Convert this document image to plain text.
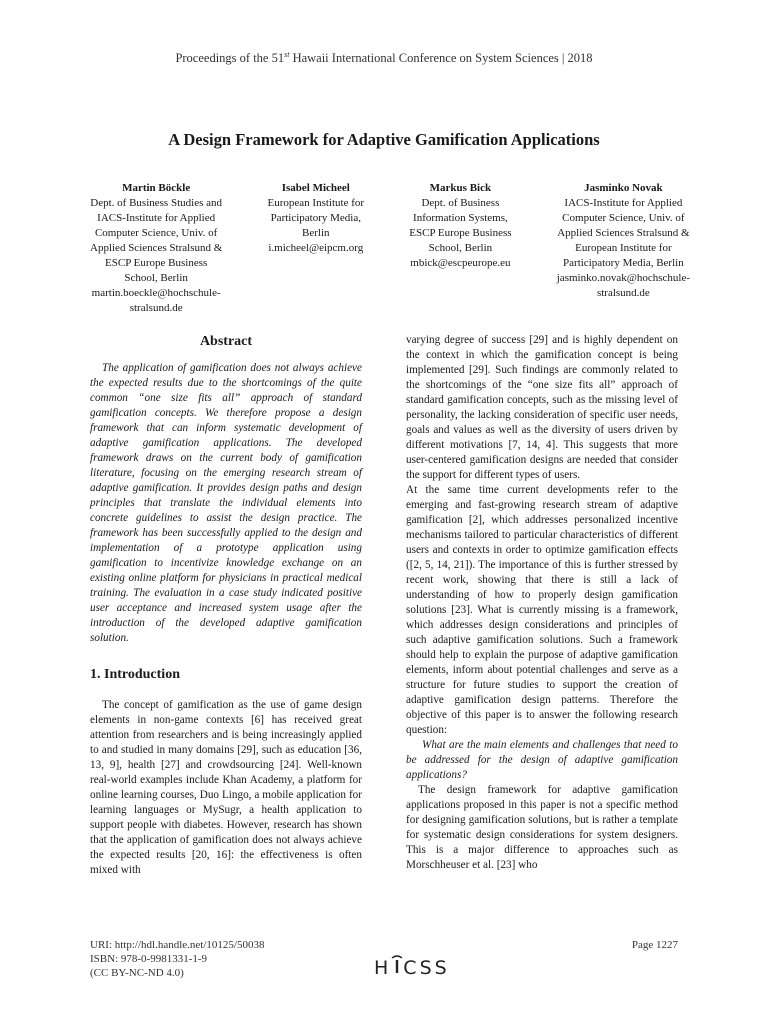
Proceedings of the 51st Hawaii International Conference on System Sciences | 2018
A Design Framework for Adaptive Gamification Applications
Martin Böckle
Dept. of Business Studies and
IACS-Institute for Applied
Computer Science, Univ. of
Applied Sciences Stralsund &
ESCP Europe Business
School, Berlin
martin.boeckle@hochschule-
stralsund.de
Isabel Micheel
European Institute for
Participatory Media,
Berlin
i.micheel@eipcm.org
Markus Bick
Dept. of Business
Information Systems,
ESCP Europe Business
School, Berlin
mbick@escpeurope.eu
Jasminko Novak
IACS-Institute for Applied
Computer Science, Univ. of
Applied Sciences Stralsund &
European Institute for
Participatory Media, Berlin
jasminko.novak@hochschule-
stralsund.de
Abstract

The application of gamification does not always achieve the expected results due to the shortcomings of the quite common “one size fits all” approach of standard gamification concepts. We therefore propose a design framework that can inform systematic development of adaptive gamification applications. The developed framework draws on the current body of gamification literature, focusing on the emerging research stream of adaptive gamification. It provides design paths and design principles that translate the individual elements into concrete guidelines to assist the design practice. The framework has been successfully applied to the design and implementation of a prototype application using gamification to incentivize knowledge exchange on an existing online platform for physicians in practical medical training. The evaluation in a case study indicated positive user acceptance and increased system usage after the introduction of the developed adaptive gamification solution.

1. Introduction

The concept of gamification as the use of game design elements in non-game contexts [6] has received great attention from researchers and is being increasingly applied to and studied in many domains [29], such as education [36, 13, 9], health [27] and crowdsourcing [24]. Well-known real-world examples include Khan Academy, a platform for online learning courses, Duo Lingo, a mobile application for learning languages or MySugr, a health application to support people with diabetes. However, research has shown that the application of gamification does not always achieve the expected results [20, 16]: the effectiveness is often mixed with

varying degree of success [29] and is highly dependent on the context in which the gamification concept is being implemented [29]. Such findings are commonly related to the shortcomings of the “one size fits all” approach of standard gamification concepts, such as the missing level of personality, the lacking consideration of specific user needs, goals and values as well as the diversity of users driven by different motivations [7, 14, 4]. This suggests that more user-centered gamification designs are needed that consider the support for different types of users.

At the same time current developments refer to the emerging and fast-growing research stream of adaptive gamification [2], which addresses personalized incentive mechanisms tailored to particular characteristics of different users and contexts in order to optimize gamification effects ([2, 5, 14, 21]). The importance of this is further stressed by recent work, showing that there is still a lack of understanding of how to properly design gamification solutions [23]. What is currently missing is a framework, which addresses design considerations and principles of such adaptive gamification solutions. Such a framework should help to explain the purpose of adaptive gamification elements, inform about potential challenges and serve as a structure for future studies to support the creation of adaptive gamification design patterns. Therefore the objective of this paper is to answer the following research question:

What are the main elements and challenges that need to be addressed for the design of adaptive gamification applications?

The design framework for adaptive gamification applications proposed in this paper is not a specific method for designing gamification solutions, but is rather a template for systematic design considerations for system designers. This is a major difference to approaches such as Morschheuser et al. [23] who

URI: http://hdl.handle.net/10125/50038
ISBN: 978-0-9981331-1-9
(CC BY-NC-ND 4.0)
Page 1227
H CSS
